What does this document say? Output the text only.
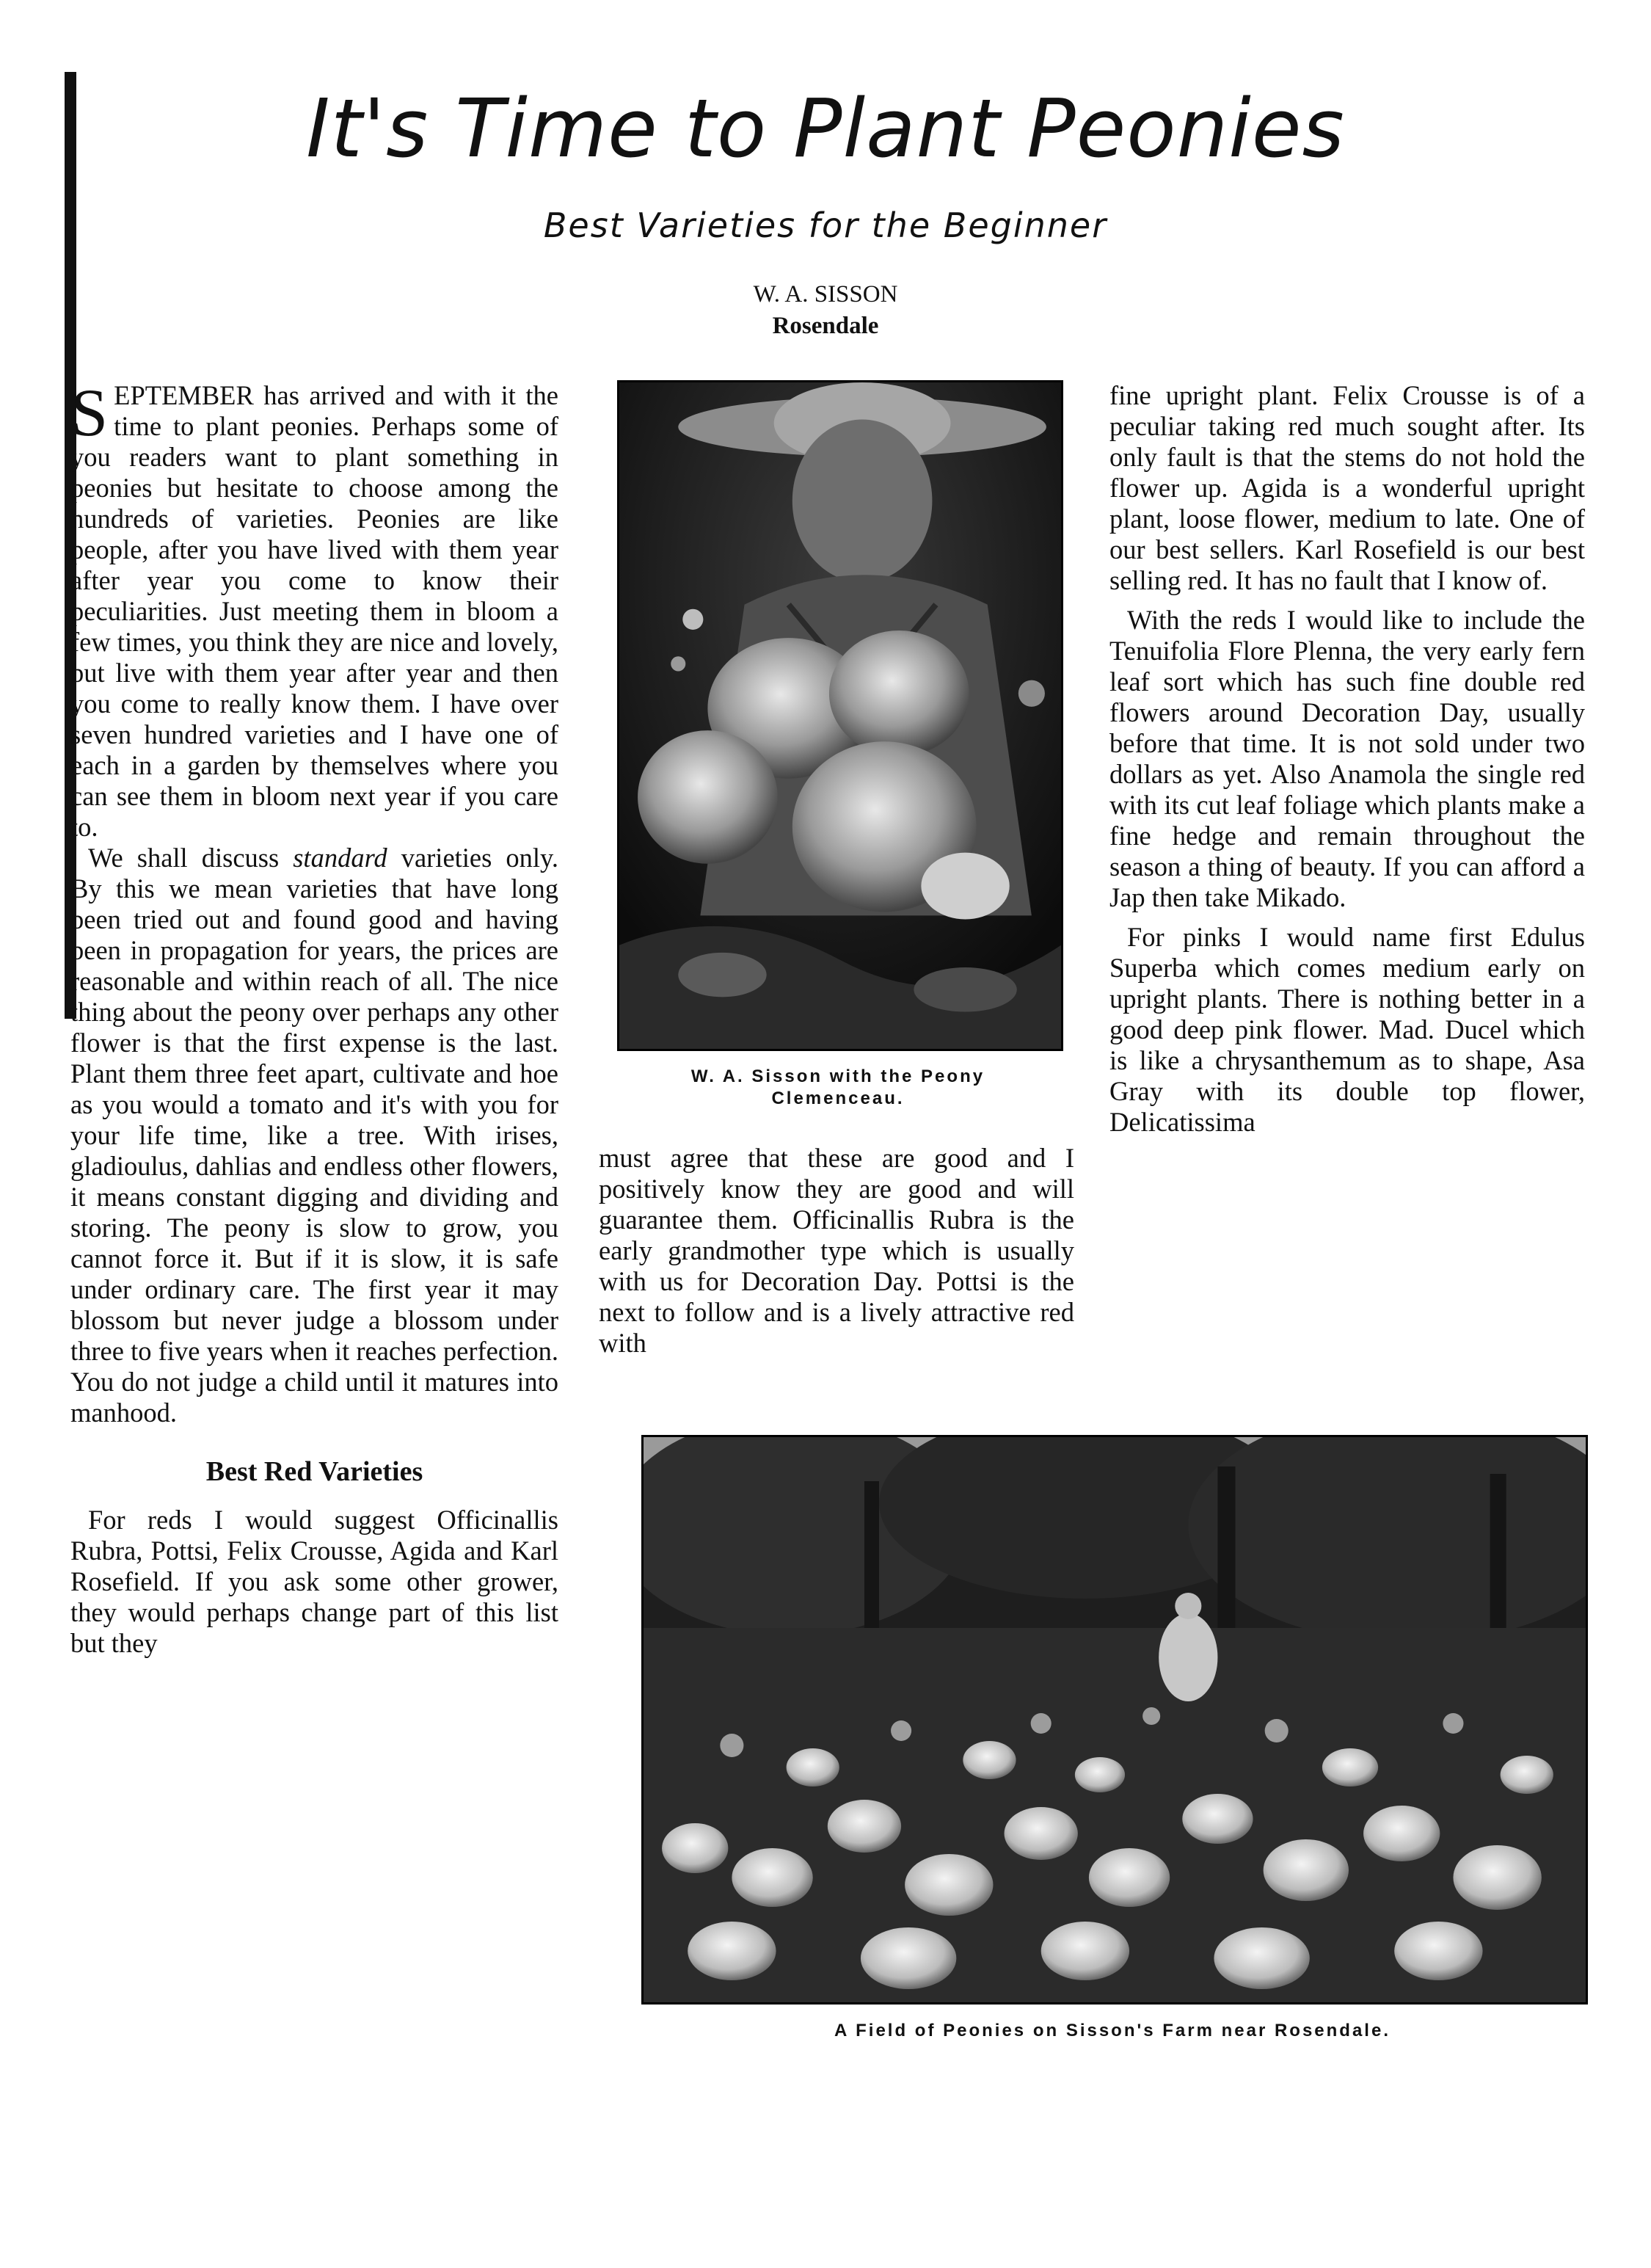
It's Time to Plant Peonies
Best Varieties for the Beginner
W. A. SISSON
Rosendale

SEPTEMBER has arrived and with it the time to plant peonies. Perhaps some of you readers want to plant something in peonies but hesitate to choose among the hundreds of varieties. Peonies are like people, after you have lived with them year after year you come to know their peculiarities. Just meeting them in bloom a few times, you think they are nice and lovely, but live with them year after year and then you come to really know them. I have over seven hundred varieties and I have one of each in a garden by themselves where you can see them in bloom next year if you care to.

We shall discuss standard varieties only. By this we mean varieties that have long been tried out and found good and having been in propagation for years, the prices are reasonable and within reach of all. The nice thing about the peony over perhaps any other flower is that the first expense is the last. Plant them three feet apart, cultivate and hoe as you would a tomato and it's with you for your life time, like a tree. With irises, gladioulus, dahlias and endless other flowers, it means constant digging and dividing and storing. The peony is slow to grow, you cannot force it. But if it is slow, it is safe under ordinary care. The first year it may blossom but never judge a blossom under three to five years when it reaches perfection. You do not judge a child until it matures into manhood.

Best Red Varieties

For reds I would suggest Officinallis Rubra, Pottsi, Felix Crousse, Agida and Karl Rosefield. If you ask some other grower, they would perhaps change part of this list but they

W. A. Sisson with the Peony
Clemenceau.

must agree that these are good and I positively know they are good and will guarantee them. Officinallis Rubra is the early grandmother type which is usually with us for Decoration Day. Pottsi is the next to follow and is a lively attractive red with

fine upright plant. Felix Crousse is of a peculiar taking red much sought after. Its only fault is that the stems do not hold the flower up. Agida is a wonderful upright plant, loose flower, medium to late. One of our best sellers. Karl Rosefield is our best selling red. It has no fault that I know of.

With the reds I would like to include the Tenuifolia Flore Plenna, the very early fern leaf sort which has such fine double red flowers around Decoration Day, usually before that time. It is not sold under two dollars as yet. Also Anamola the single red with its cut leaf foliage which plants make a fine hedge and remain throughout the season a thing of beauty. If you can afford a Jap then take Mikado.

For pinks I would name first Edulus Superba which comes medium early on upright plants. There is nothing better in a good deep pink flower. Mad. Ducel which is like a chrysanthemum as to shape, Asa Gray with its double top flower, Delicatissima

A Field of Peonies on Sisson's Farm near Rosendale.
